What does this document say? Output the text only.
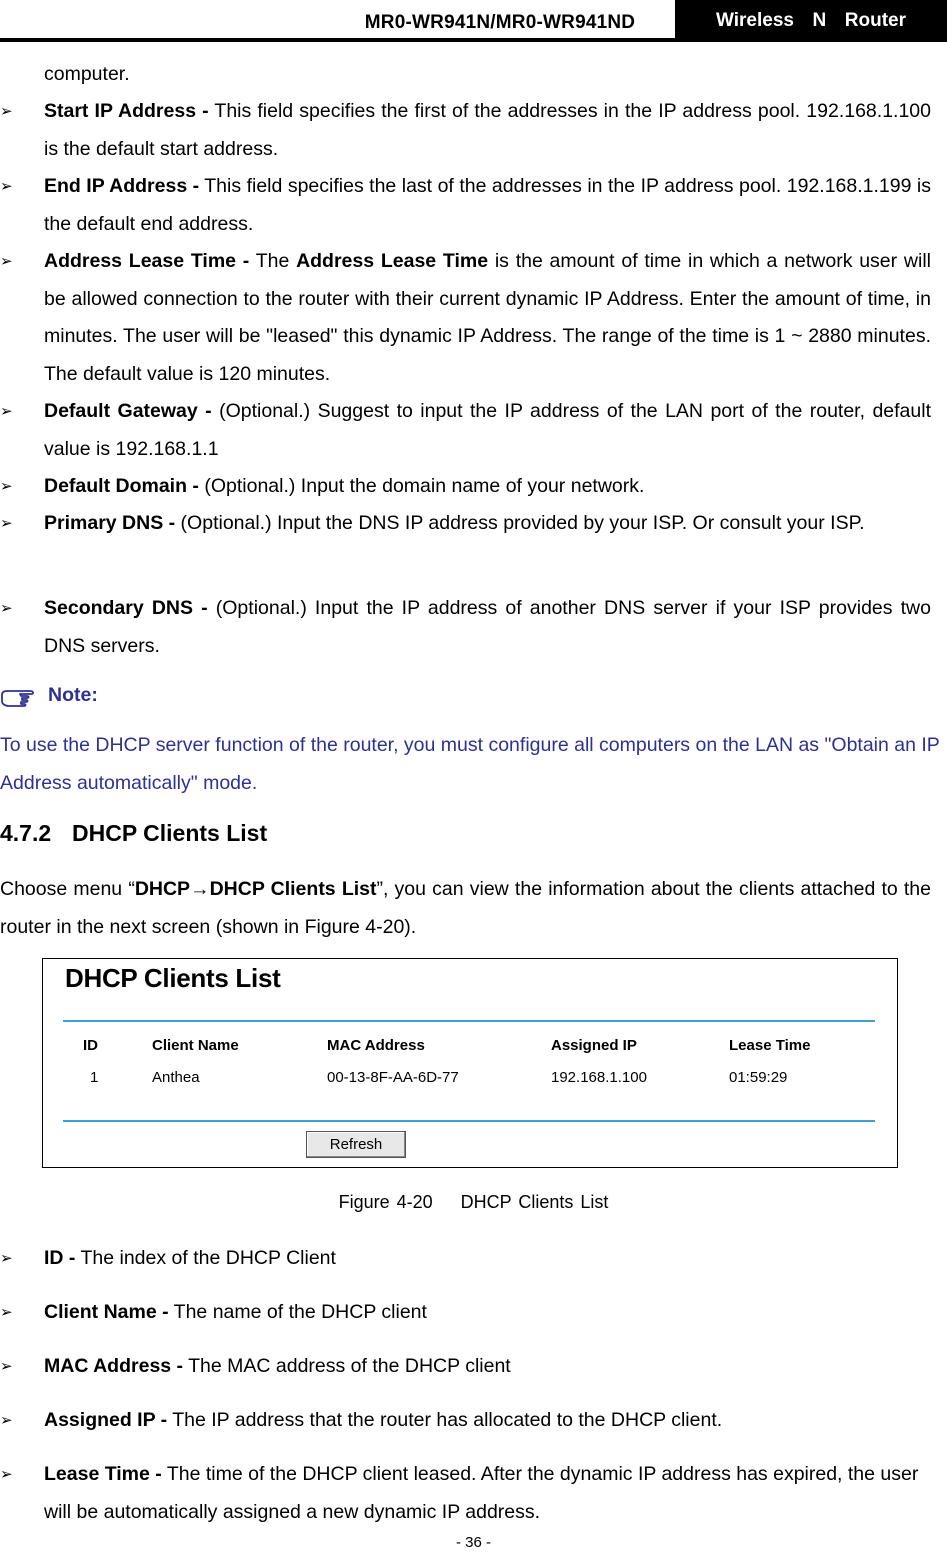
MR0-WR941N/MR0-WR941ND	Wireless  N  Router
computer.
➢	Start IP Address - This field specifies the first of the addresses in the IP address pool. 192.168.1.100 is the default start address.
➢	End IP Address - This field specifies the last of the addresses in the IP address pool. 192.168.1.199 is the default end address.
➢	Address Lease Time - The Address Lease Time is the amount of time in which a network user will be allowed connection to the router with their current dynamic IP Address. Enter the amount of time, in minutes. The user will be "leased" this dynamic IP Address. The range of the time is 1 ~ 2880 minutes. The default value is 120 minutes.
➢	Default Gateway - (Optional.) Suggest to input the IP address of the LAN port of the router, default value is 192.168.1.1
➢	Default Domain - (Optional.) Input the domain name of your network.
➢	Primary DNS - (Optional.) Input the DNS IP address provided by your ISP. Or consult your ISP.
➢	Secondary DNS - (Optional.) Input the IP address of another DNS server if your ISP provides two DNS servers.
Note:
To use the DHCP server function of the router, you must configure all computers on the LAN as "Obtain an IP Address automatically" mode.
4.7.2 DHCP Clients List
Choose menu “DHCP→DHCP Clients List”, you can view the information about the clients attached to the router in the next screen (shown in Figure 4-20).
DHCP Clients List
ID	Client Name	MAC Address	Assigned IP	Lease Time
1	Anthea	00-13-8F-AA-6D-77	192.168.1.100	01:59:29
Refresh
Figure 4-20    DHCP Clients List
➢	ID - The index of the DHCP Client
➢	Client Name - The name of the DHCP client
➢	MAC Address - The MAC address of the DHCP client
➢	Assigned IP - The IP address that the router has allocated to the DHCP client.
➢	Lease Time - The time of the DHCP client leased. After the dynamic IP address has expired, the user will be automatically assigned a new dynamic IP address.
- 36 -
